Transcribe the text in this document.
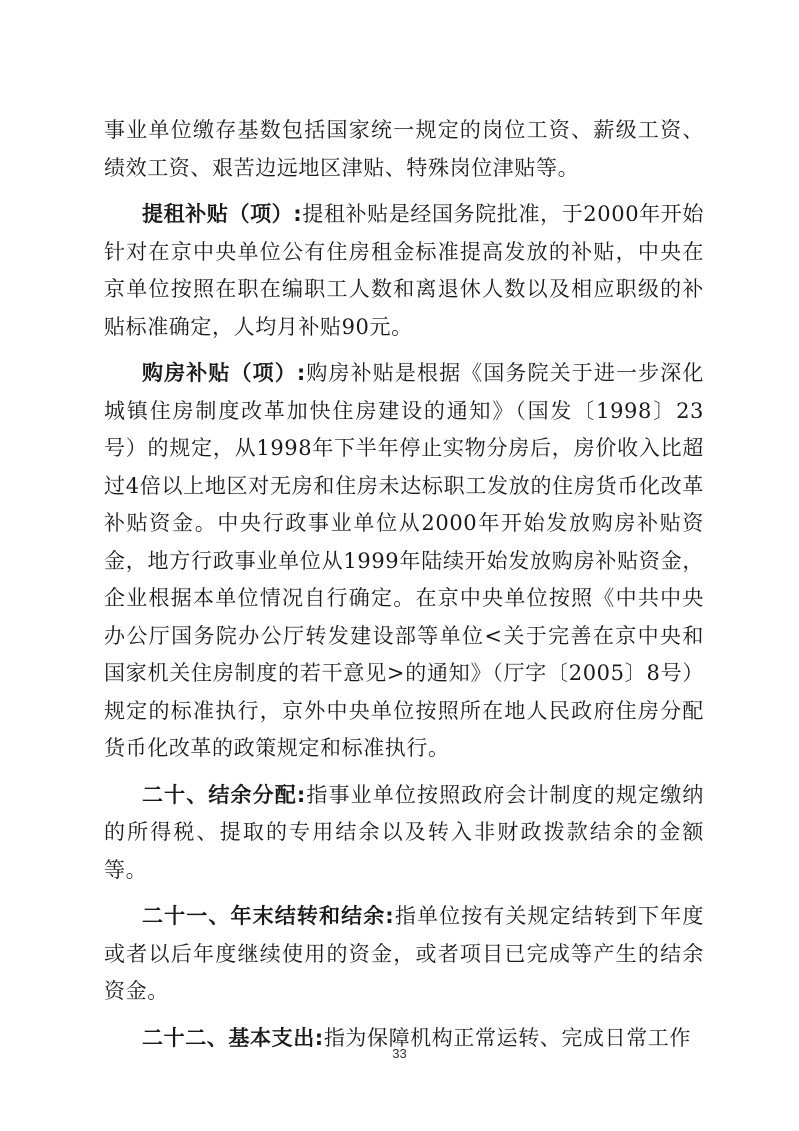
事业单位缴存基数包括国家统一规定的岗位工资、薪级工资、绩效工资、艰苦边远地区津贴、特殊岗位津贴等。

提租补贴（项）:提租补贴是经国务院批准，于2000年开始针对在京中央单位公有住房租金标准提高发放的补贴，中央在京单位按照在职在编职工人数和离退休人数以及相应职级的补贴标准确定，人均月补贴90元。

购房补贴（项）:购房补贴是根据《国务院关于进一步深化城镇住房制度改革加快住房建设的通知》（国发〔1998〕23号）的规定，从1998年下半年停止实物分房后，房价收入比超过4倍以上地区对无房和住房未达标职工发放的住房货币化改革补贴资金。中央行政事业单位从2000年开始发放购房补贴资金，地方行政事业单位从1999年陆续开始发放购房补贴资金，企业根据本单位情况自行确定。在京中央单位按照《中共中央办公厅国务院办公厅转发建设部等单位<关于完善在京中央和国家机关住房制度的若干意见>的通知》（厅字〔2005〕8号）规定的标准执行，京外中央单位按照所在地人民政府住房分配货币化改革的政策规定和标准执行。

二十、结余分配:指事业单位按照政府会计制度的规定缴纳的所得税、提取的专用结余以及转入非财政拨款结余的金额等。

二十一、年末结转和结余:指单位按有关规定结转到下年度或者以后年度继续使用的资金，或者项目已完成等产生的结余资金。

二十二、基本支出:指为保障机构正常运转、完成日常工作

33
